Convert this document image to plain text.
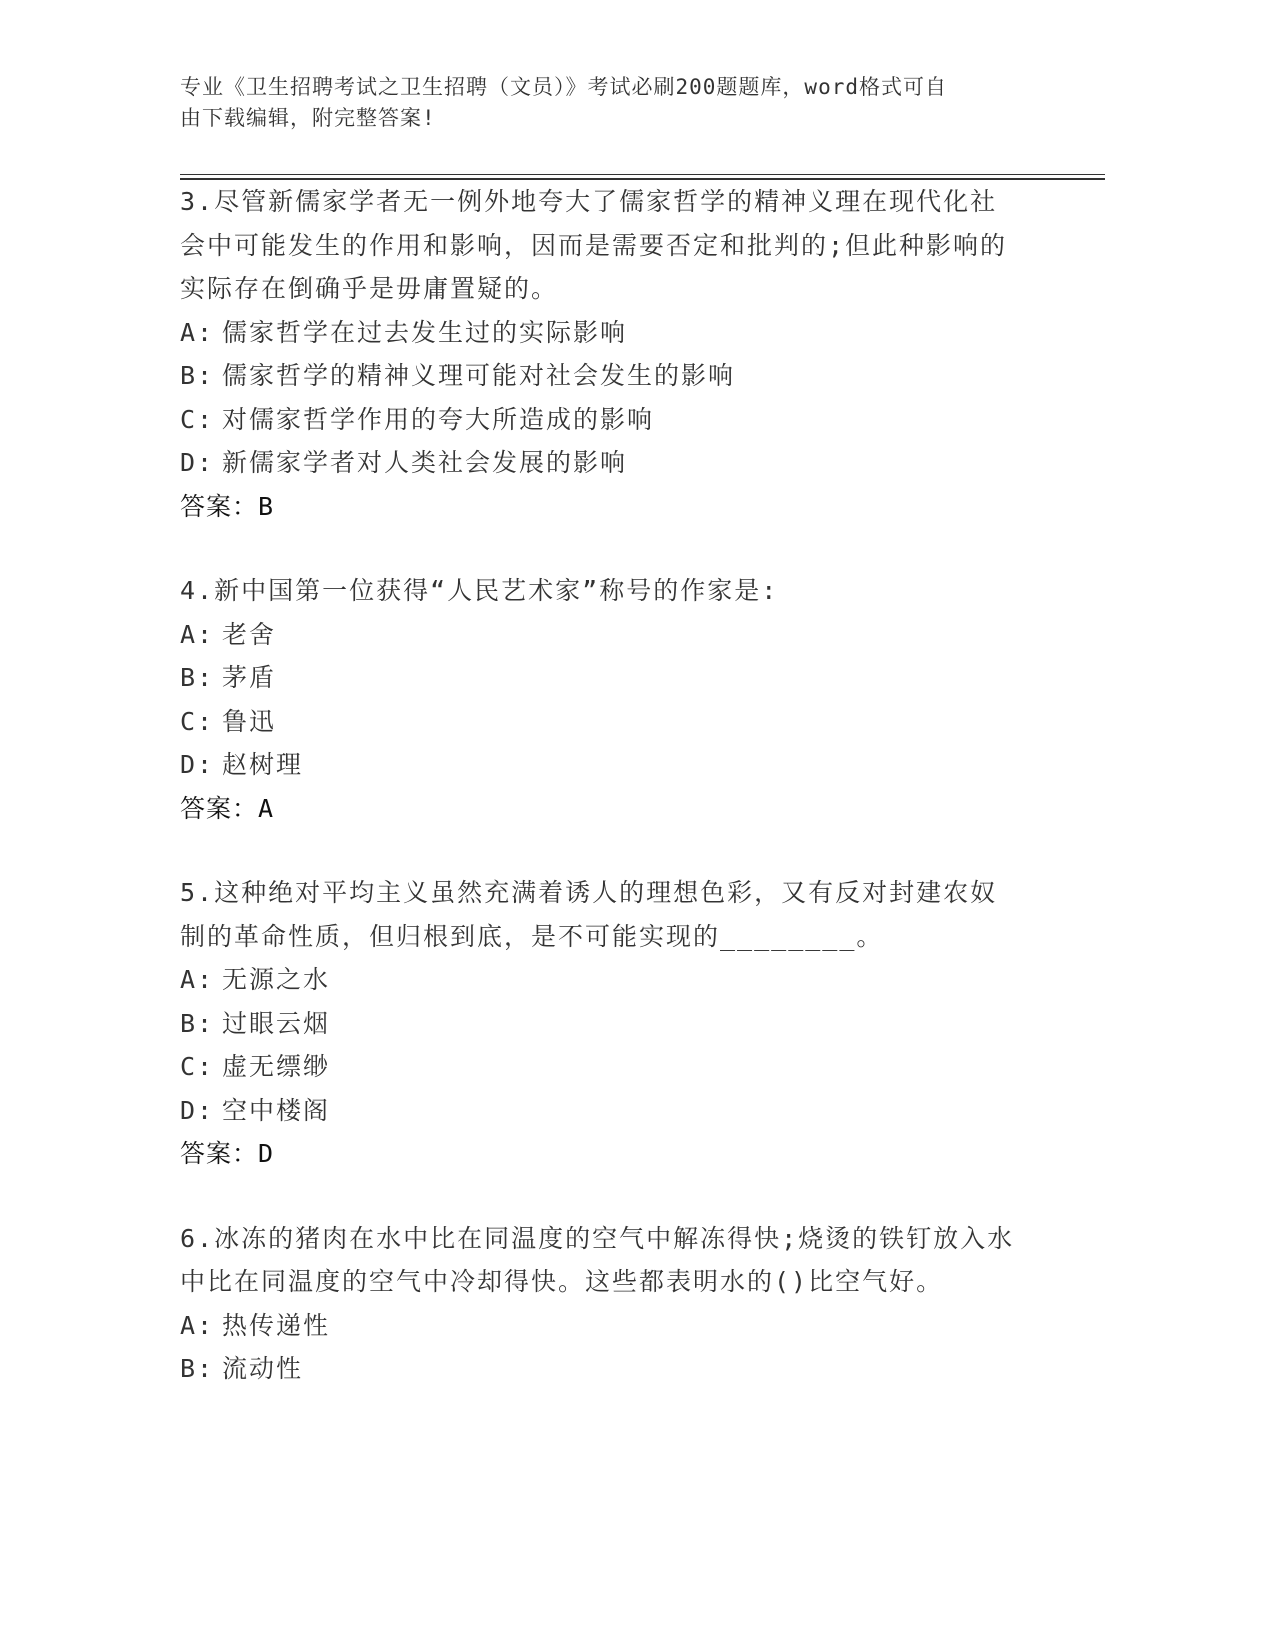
专业《卫生招聘考试之卫生招聘（文员）》考试必刷200题题库，word格式可自
由下载编辑，附完整答案!
3.尽管新儒家学者无一例外地夸大了儒家哲学的精神义理在现代化社
会中可能发生的作用和影响，因而是需要否定和批判的;但此种影响的
实际存在倒确乎是毋庸置疑的。
A: 儒家哲学在过去发生过的实际影响
B: 儒家哲学的精神义理可能对社会发生的影响
C: 对儒家哲学作用的夸大所造成的影响
D: 新儒家学者对人类社会发展的影响
答案：B
4.新中国第一位获得“人民艺术家”称号的作家是:
A: 老舍
B: 茅盾
C: 鲁迅
D: 赵树理
答案：A
5.这种绝对平均主义虽然充满着诱人的理想色彩，又有反对封建农奴
制的革命性质，但归根到底，是不可能实现的________。
A: 无源之水
B: 过眼云烟
C: 虚无缥缈
D: 空中楼阁
答案：D
6.冰冻的猪肉在水中比在同温度的空气中解冻得快;烧烫的铁钉放入水
中比在同温度的空气中冷却得快。这些都表明水的()比空气好。
A: 热传递性
B: 流动性
